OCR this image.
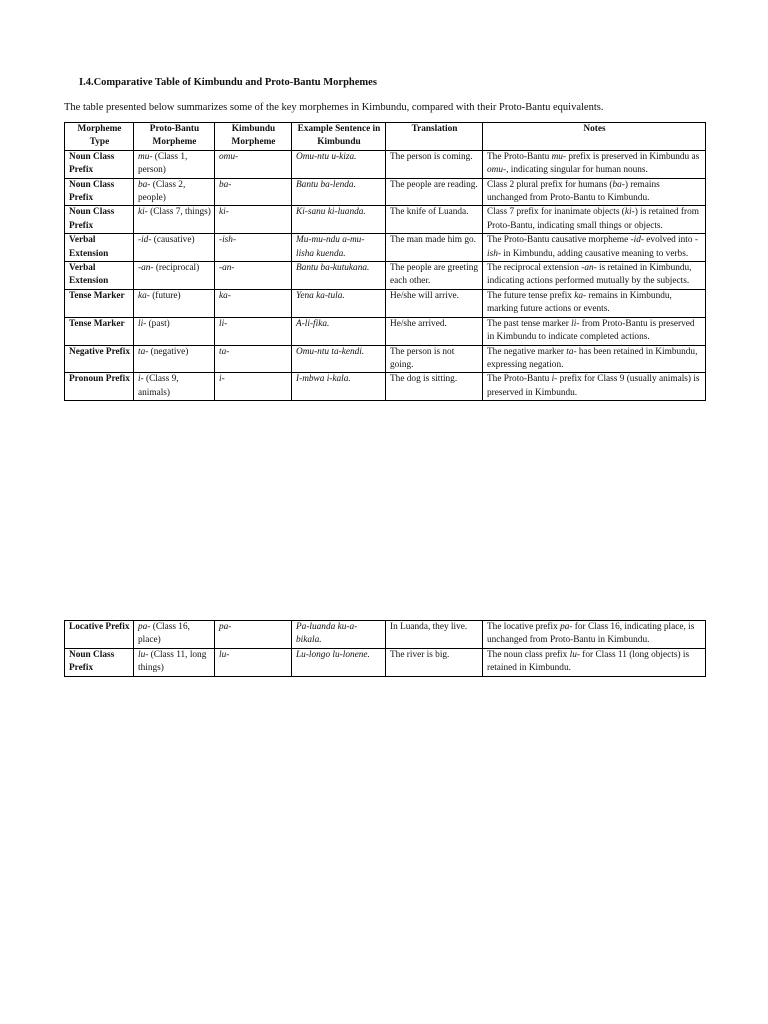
I.4.Comparative Table of Kimbundu and Proto-Bantu Morphemes
The table presented below summarizes some of the key morphemes in Kimbundu, compared with their Proto-Bantu equivalents.
Morpheme Type	Proto-Bantu Morpheme	Kimbundu Morpheme	Example Sentence in Kimbundu	Translation	Notes
Noun Class Prefix	mu- (Class 1, person)	omu-	Omu-ntu u-kiza.	The person is coming.	The Proto-Bantu mu- prefix is preserved in Kimbundu as omu-, indicating singular for human nouns.
Noun Class Prefix	ba- (Class 2, people)	ba-	Bantu ba-lenda.	The people are reading.	Class 2 plural prefix for humans (ba-) remains unchanged from Proto-Bantu to Kimbundu.
Noun Class Prefix	ki- (Class 7, things)	ki-	Ki-sanu ki-luanda.	The knife of Luanda.	Class 7 prefix for inanimate objects (ki-) is retained from Proto-Bantu, indicating small things or objects.
Verbal Extension	-id- (causative)	-ish-	Mu-mu-ndu a-mu-lisha kuenda.	The man made him go.	The Proto-Bantu causative morpheme -id- evolved into -ish- in Kimbundu, adding causative meaning to verbs.
Verbal Extension	-an- (reciprocal)	-an-	Bantu ba-kutukana.	The people are greeting each other.	The reciprocal extension -an- is retained in Kimbundu, indicating actions performed mutually by the subjects.
Tense Marker	ka- (future)	ka-	Yena ka-tula.	He/she will arrive.	The future tense prefix ka- remains in Kimbundu, marking future actions or events.
Tense Marker	li- (past)	li-	A-li-fika.	He/she arrived.	The past tense marker li- from Proto-Bantu is preserved in Kimbundu to indicate completed actions.
Negative Prefix	ta- (negative)	ta-	Omu-ntu ta-kendi.	The person is not going.	The negative marker ta- has been retained in Kimbundu, expressing negation.
Pronoun Prefix	i- (Class 9, animals)	i-	I-mbwa i-kala.	The dog is sitting.	The Proto-Bantu i- prefix for Class 9 (usually animals) is preserved in Kimbundu.
Locative Prefix	pa- (Class 16, place)	pa-	Pa-luanda ku-a-bikala.	In Luanda, they live.	The locative prefix pa- for Class 16, indicating place, is unchanged from Proto-Bantu in Kimbundu.
Noun Class Prefix	lu- (Class 11, long things)	lu-	Lu-longo lu-lonene.	The river is big.	The noun class prefix lu- for Class 11 (long objects) is retained in Kimbundu.
